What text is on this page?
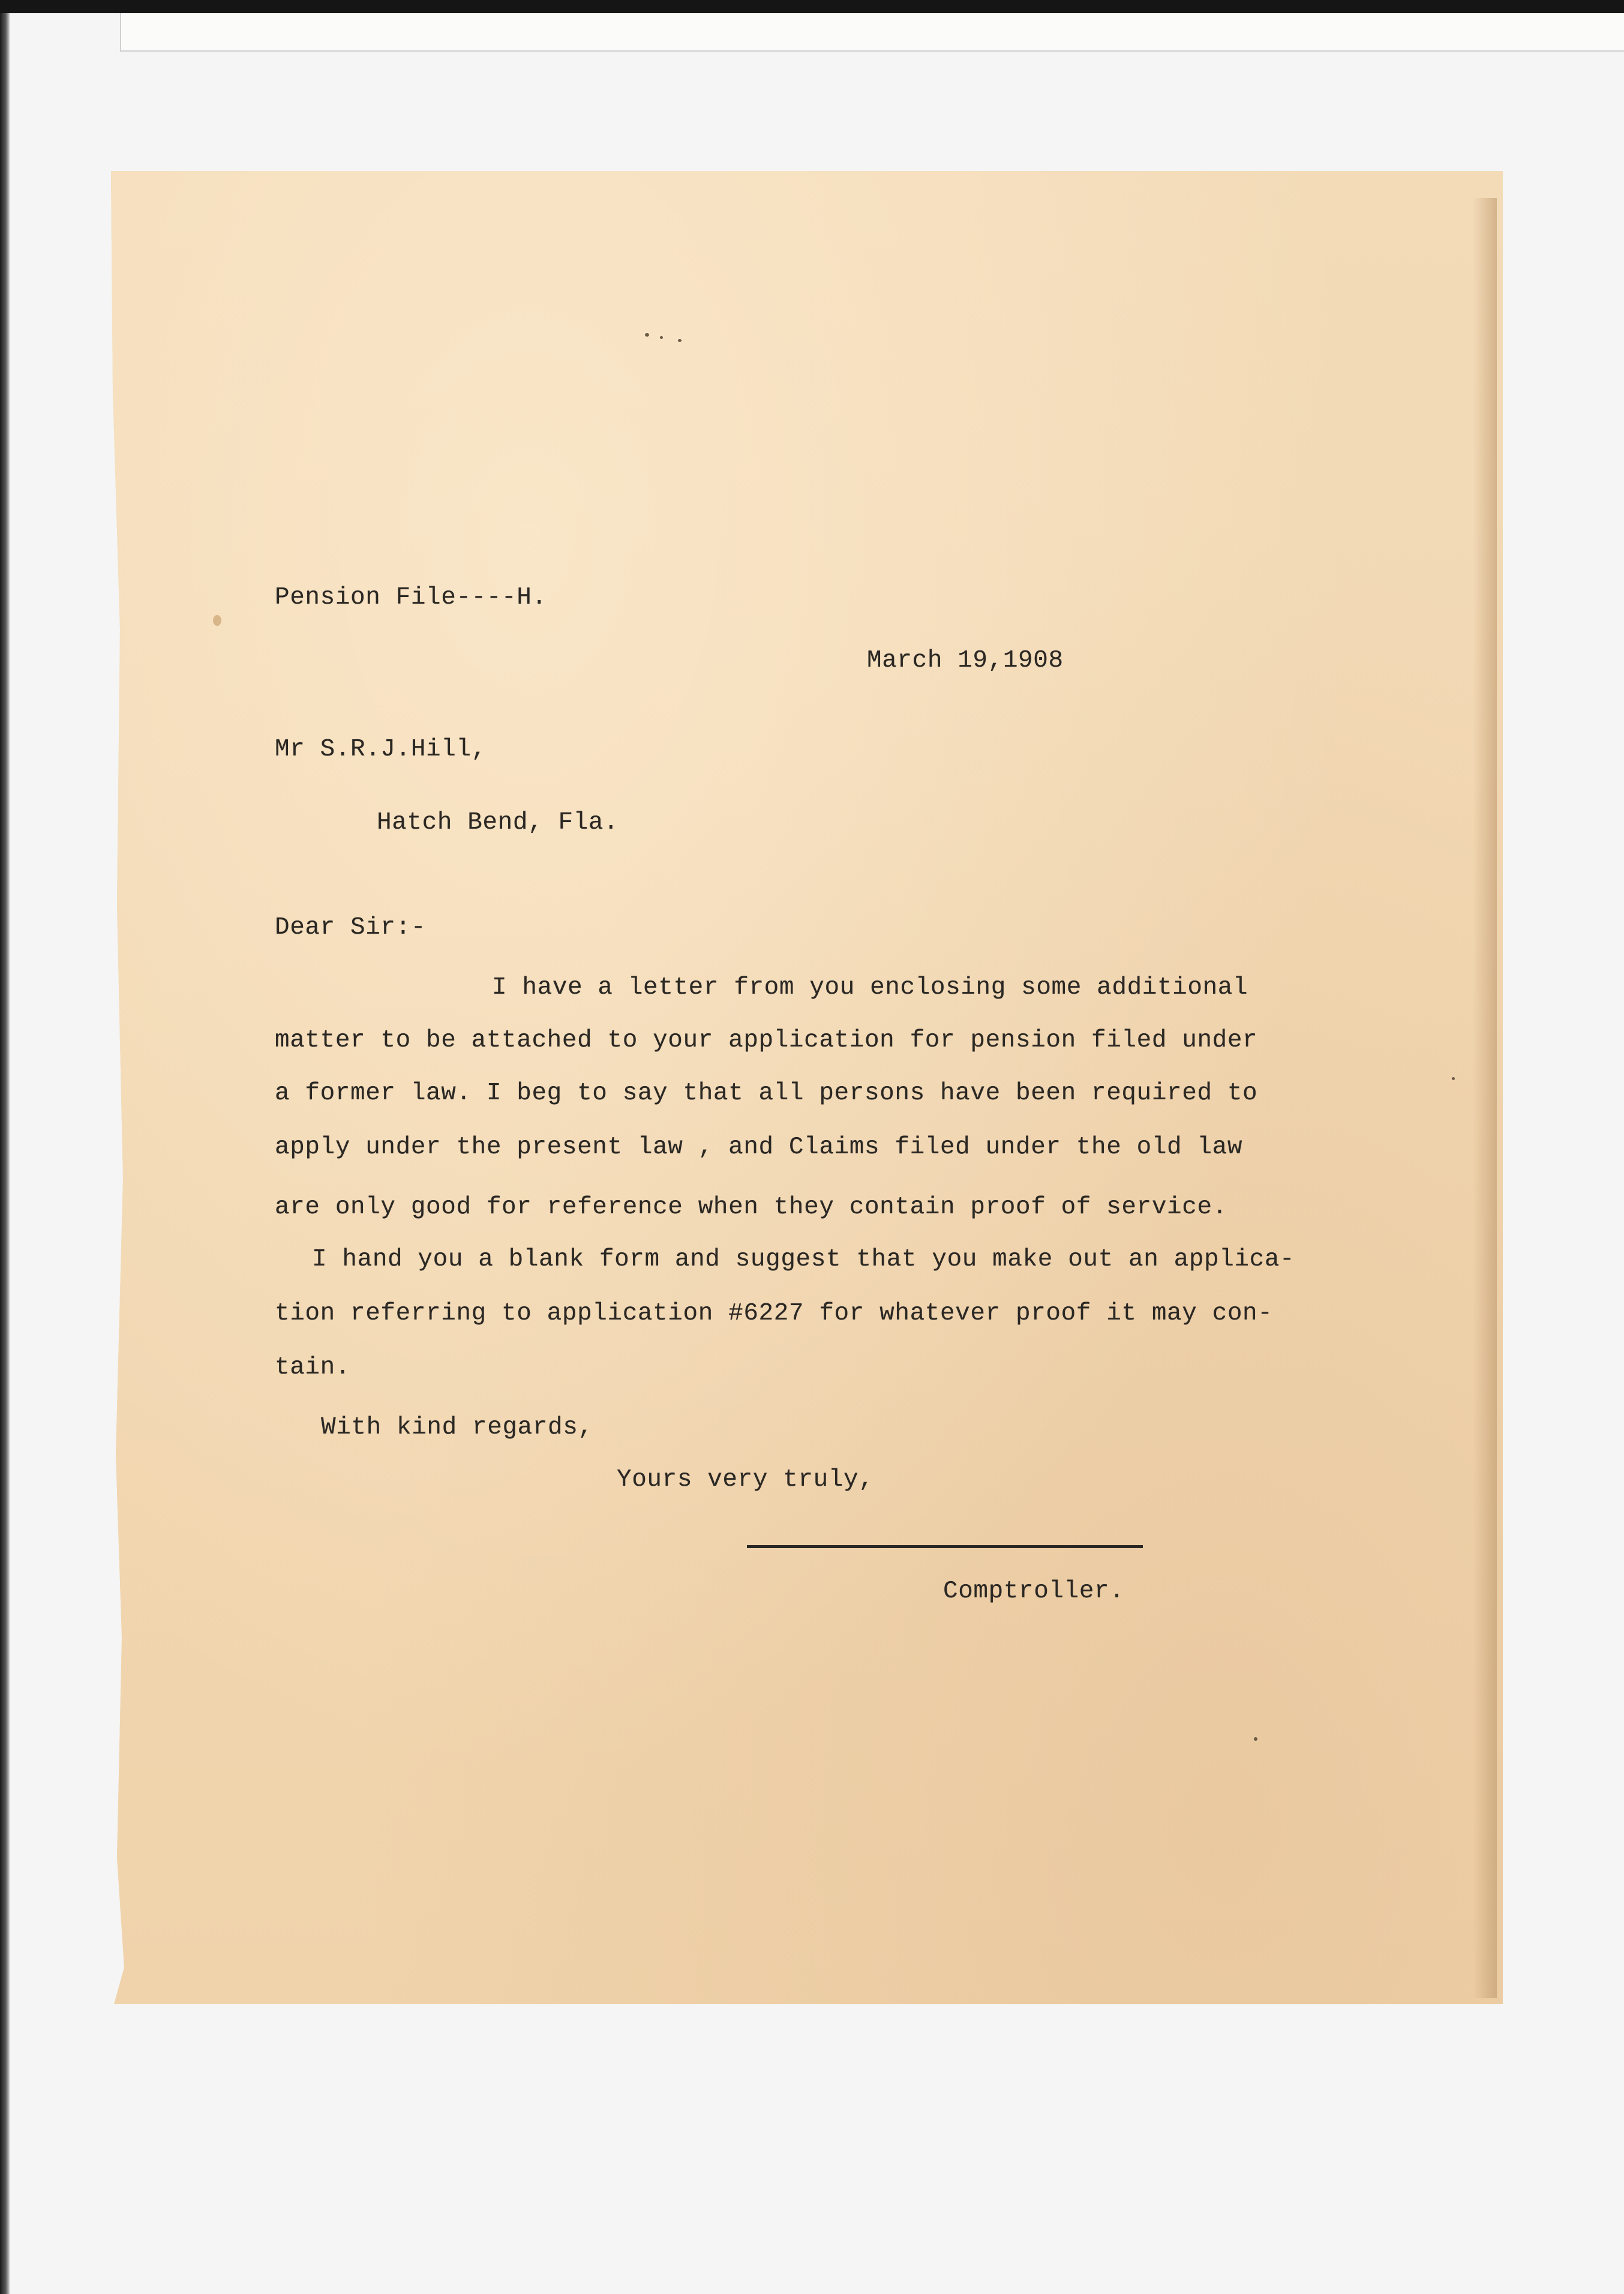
Pension File----H.

March 19,1908

Mr S.R.J.Hill,

Hatch Bend, Fla.

Dear Sir:-

I have a letter from you enclosing some additional

matter to be attached to your application for pension filed under

a former law. I beg to say that all persons have been required to

apply under the present law , and Claims filed under the old law

are only good for reference when they contain proof of service.

I hand you a blank form and suggest that you make out an applica-

tion referring to application #6227 for whatever proof it may con-

tain.

With kind regards,

Yours very truly,

Comptroller.
